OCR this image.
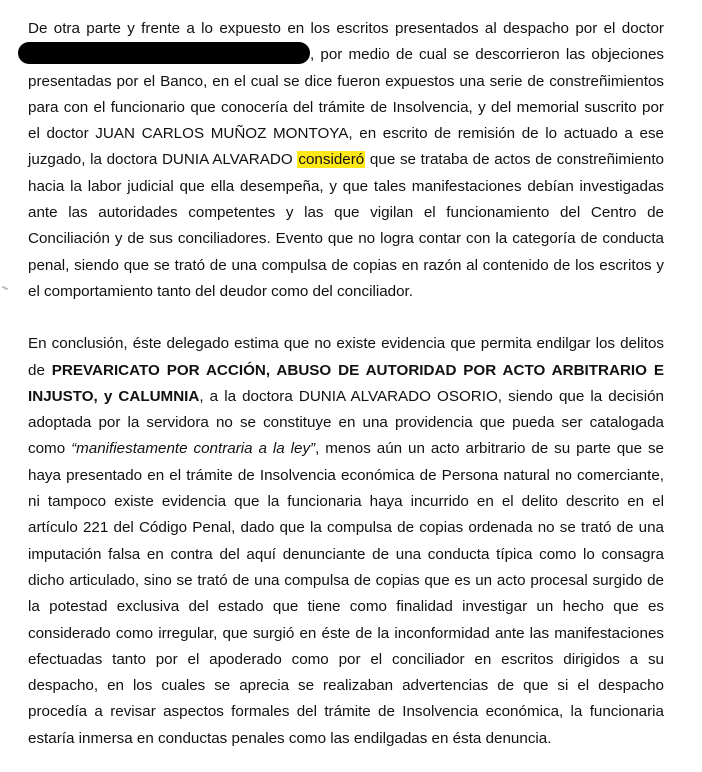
De otra parte y frente a lo expuesto en los escritos presentados al despacho por el doctor , por medio de cual se descorrieron las objeciones presentadas por el Banco, en el cual se dice fueron expuestos una serie de constreñimientos para con el funcionario que conocería del trámite de Insolvencia, y del memorial suscrito por el doctor JUAN CARLOS MUÑOZ MONTOYA, en escrito de remisión de lo actuado a ese juzgado, la doctora DUNIA ALVARADO consideró que se trataba de actos de constreñimiento hacia la labor judicial que ella desempeña, y que tales manifestaciones debían investigadas ante las autoridades competentes y las que vigilan el funcionamiento del Centro de Conciliación y de sus conciliadores. Evento que no logra contar con la categoría de conducta penal, siendo que se trató de una compulsa de copias en razón al contenido de los escritos y el comportamiento tanto del deudor como del conciliador.

En conclusión, éste delegado estima que no existe evidencia que permita endilgar los delitos de PREVARICATO POR ACCIÓN, ABUSO DE AUTORIDAD POR ACTO ARBITRARIO E INJUSTO, y CALUMNIA, a la doctora DUNIA ALVARADO OSORIO, siendo que la decisión adoptada por la servidora no se constituye en una providencia que pueda ser catalogada como “manifiestamente contraria a la ley”, menos aún un acto arbitrario de su parte que se haya presentado en el trámite de Insolvencia económica de Persona natural no comerciante, ni tampoco existe evidencia que la funcionaria haya incurrido en el delito descrito en el artículo 221 del Código Penal, dado que la compulsa de copias ordenada no se trató de una imputación falsa en contra del aquí denunciante de una conducta típica como lo consagra dicho articulado, sino se trató de una compulsa de copias que es un acto procesal surgido de la potestad exclusiva del estado que tiene como finalidad investigar un hecho que es considerado como irregular, que surgió en éste de la inconformidad ante las manifestaciones efectuadas tanto por el apoderado como por el conciliador en escritos dirigidos a su despacho, en los cuales se aprecia se realizaban advertencias de que si el despacho procedía a revisar aspectos formales del trámite de Insolvencia económica, la funcionaria estaría inmersa en conductas penales como las endilgadas en ésta denuncia.
